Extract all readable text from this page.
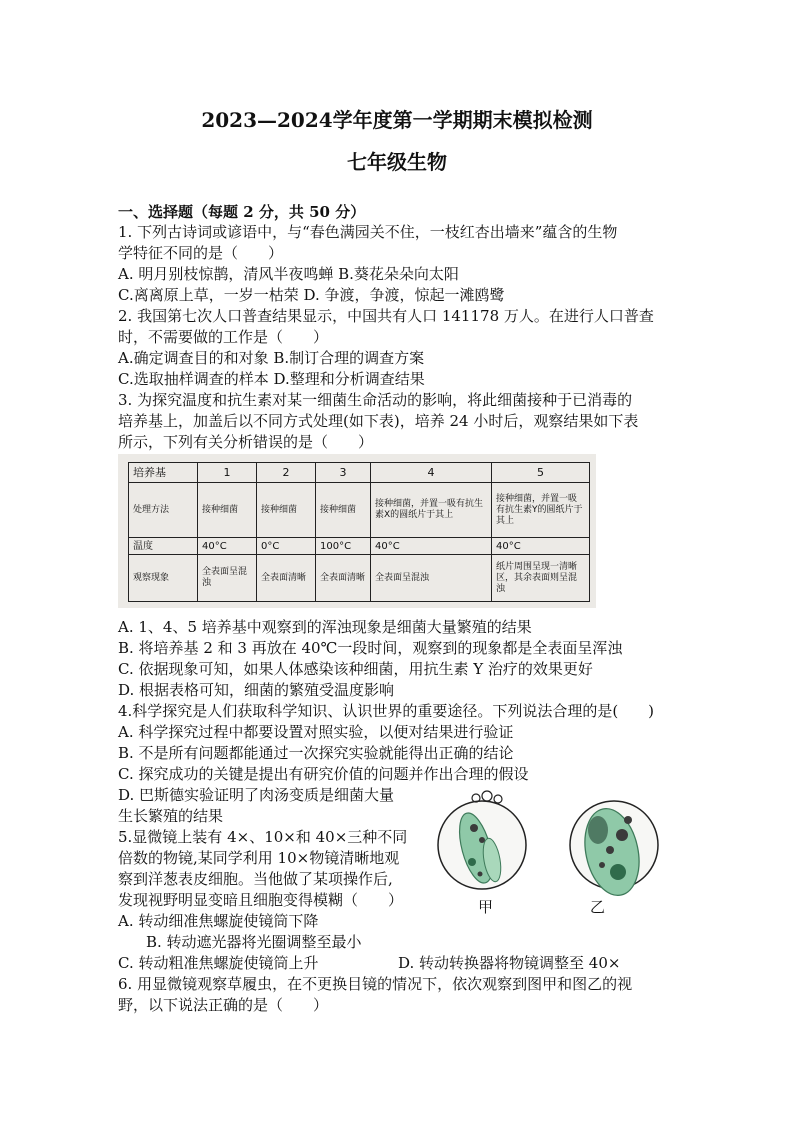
2023—2024学年度第一学期期末模拟检测
七年级生物
一、选择题（每题 2 分，共 50 分）
1. 下列古诗词或谚语中，与“春色满园关不住，一枝红杏出墙来”蕴含的生物
学特征不同的是（　　）
A. 明月别枝惊鹊，清风半夜鸣蝉 B.葵花朵朵向太阳
C.离离原上草，一岁一枯荣 D. 争渡，争渡，惊起一滩鸥鹭
2. 我国第七次人口普查结果显示，中国共有人口 141178 万人。在进行人口普查
时，不需要做的工作是（　　）
A.确定调查目的和对象 B.制订合理的调查方案
C.选取抽样调查的样本 D.整理和分析调查结果
3. 为探究温度和抗生素对某一细菌生命活动的影响，将此细菌接种于已消毒的
培养基上，加盖后以不同方式处理(如下表)，培养 24 小时后，观察结果如下表
所示，下列有关分析错误的是（　　）
培养基	1	2	3	4	5
处理方法	接种细菌	接种细菌	接种细菌	接种细菌，并置一吸有抗生素X的圆纸片于其上	接种细菌，并置一吸有抗生素Y的圆纸片于其上
温度	40°C	0°C	100°C	40°C	40°C
观察现象	全表面呈混浊	全表面清晰	全表面清晰	全表面呈混浊	纸片周围呈现一清晰区，其余表面则呈混浊
A. 1、4、5 培养基中观察到的浑浊现象是细菌大量繁殖的结果
B. 将培养基 2 和 3 再放在 40℃一段时间，观察到的现象都是全表面呈浑浊
C. 依据现象可知，如果人体感染该种细菌，用抗生素 Y 治疗的效果更好
D. 根据表格可知，细菌的繁殖受温度影响
4.科学探究是人们获取科学知识、认识世界的重要途径。下列说法合理的是(　　)
A. 科学探究过程中都要设置对照实验，以便对结果进行验证
B. 不是所有问题都能通过一次探究实验就能得出正确的结论
C. 探究成功的关键是提出有研究价值的问题并作出合理的假设
D. 巴斯德实验证明了肉汤变质是细菌大量
生长繁殖的结果
5.显微镜上装有 4×、10×和 40×三种不同
倍数的物镜,某同学利用 10×物镜清晰地观
察到洋葱表皮细胞。当他做了某项操作后,
发现视野明显变暗且细胞变得模糊（　　）
A. 转动细准焦螺旋使镜筒下降
B. 转动遮光器将光圈调整至最小
C. 转动粗准焦螺旋使镜筒上升	D. 转动转换器将物镜调整至 40×
6. 用显微镜观察草履虫，在不更换目镜的情况下，依次观察到图甲和图乙的视
野，以下说法正确的是（　　）
甲	乙
